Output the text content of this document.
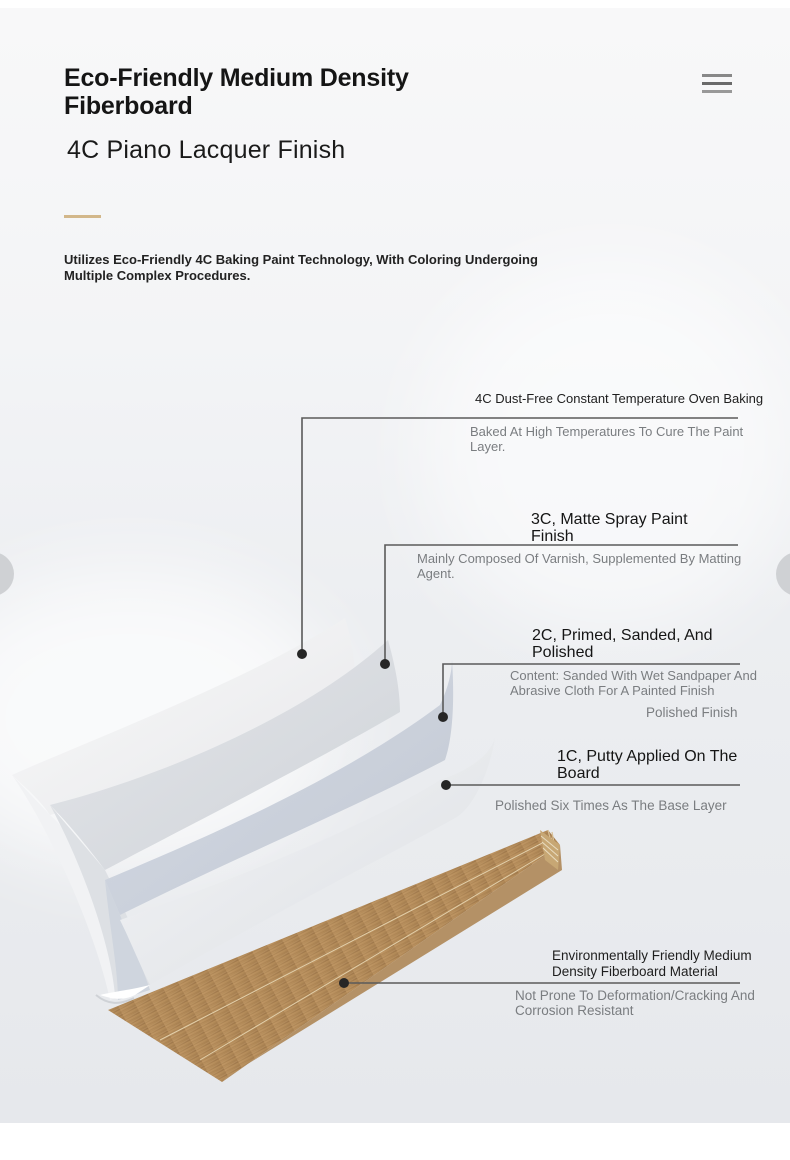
Eco-Friendly Medium Density Fiberboard
4C Piano Lacquer Finish
Utilizes Eco-Friendly 4C Baking Paint Technology, With Coloring Undergoing Multiple Complex Procedures.
4C Dust-Free Constant Temperature Oven Baking
Baked At High Temperatures To Cure The Paint Layer.
3C, Matte Spray Paint Finish
Mainly Composed Of Varnish, Supplemented By Matting Agent.
2C, Primed, Sanded, And Polished
Content: Sanded With Wet Sandpaper And Abrasive Cloth For A Painted Finish
Polished Finish
1C, Putty Applied On The Board
Polished Six Times As The Base Layer
Environmentally Friendly Medium Density Fiberboard Material
Not Prone To Deformation/Cracking And Corrosion Resistant
